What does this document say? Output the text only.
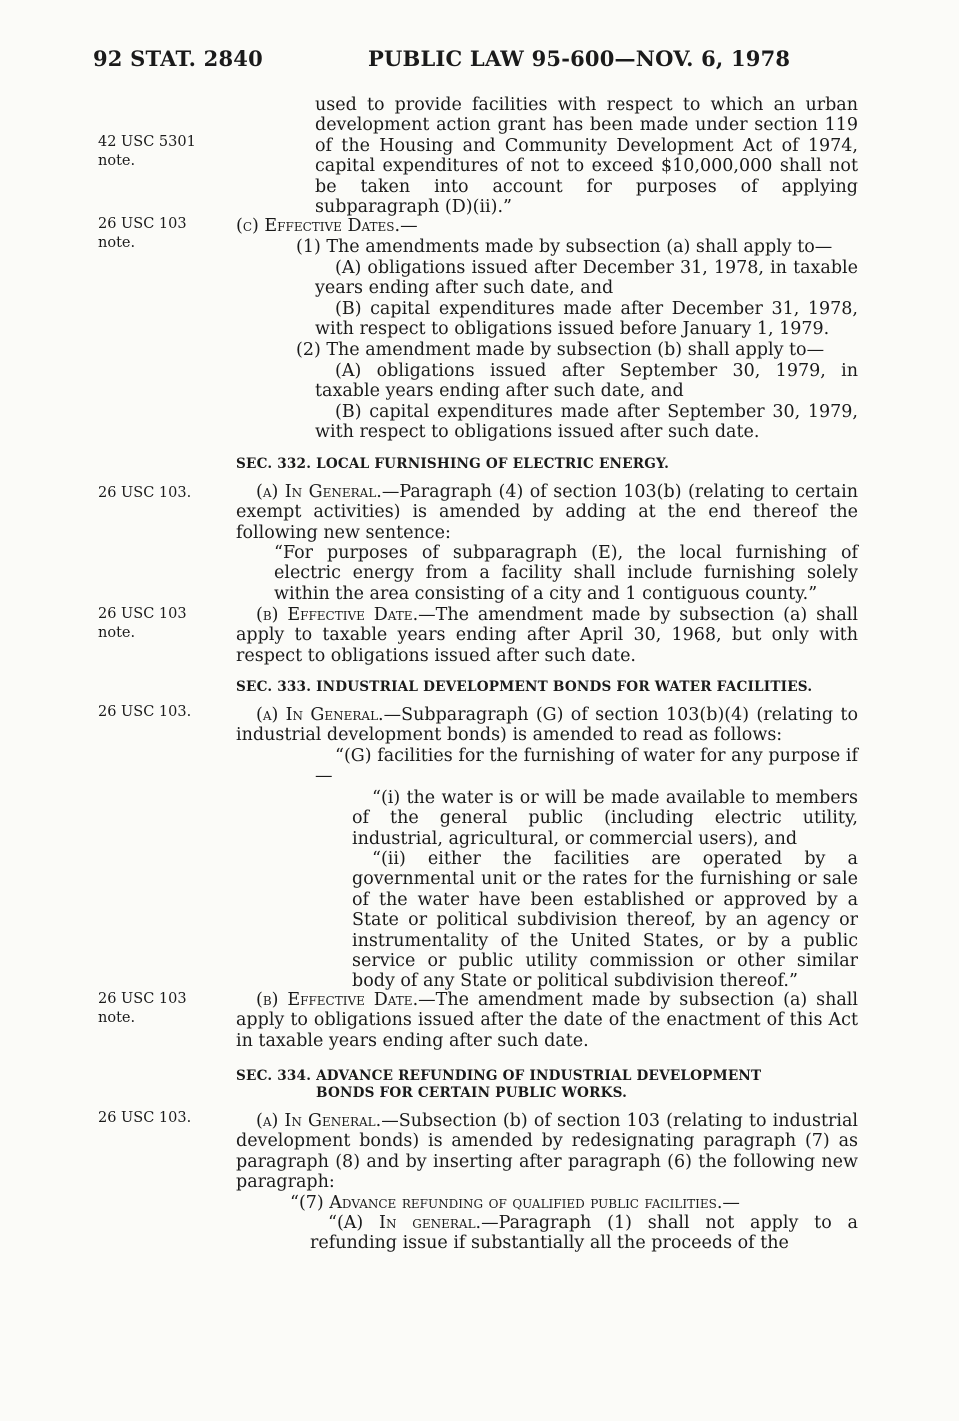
92 STAT. 2840	PUBLIC LAW 95-600—NOV. 6, 1978
42 USC 5301
note.
26 USC 103
note.
26 USC 103.
26 USC 103
note.
26 USC 103.
26 USC 103
note.
26 USC 103.

used to provide facilities with respect to which an urban development action grant has been made under section 119 of the Housing and Community Development Act of 1974, capital expenditures of not to exceed $10,000,000 shall not be taken into account for purposes of applying subparagraph (D)(ii).”

(c) Effective Dates.—

(1) The amendments made by subsection (a) shall apply to—

(A) obligations issued after December 31, 1978, in taxable years ending after such date, and

(B) capital expenditures made after December 31, 1978, with respect to obligations issued before January 1, 1979.

(2) The amendment made by subsection (b) shall apply to—

(A) obligations issued after September 30, 1979, in taxable years ending after such date, and

(B) capital expenditures made after September 30, 1979, with respect to obligations issued after such date.

SEC. 332. LOCAL FURNISHING OF ELECTRIC ENERGY.

(a) In General.—Paragraph (4) of section 103(b) (relating to certain exempt activities) is amended by adding at the end thereof the following new sentence:

“For purposes of subparagraph (E), the local furnishing of electric energy from a facility shall include furnishing solely within the area consisting of a city and 1 contiguous county.”

(b) Effective Date.—The amendment made by subsection (a) shall apply to taxable years ending after April 30, 1968, but only with respect to obligations issued after such date.

SEC. 333. INDUSTRIAL DEVELOPMENT BONDS FOR WATER FACILITIES.

(a) In General.—Subparagraph (G) of section 103(b)(4) (relating to industrial development bonds) is amended to read as follows:

“(G) facilities for the furnishing of water for any purpose if—

“(i) the water is or will be made available to members of the general public (including electric utility, industrial, agricultural, or commercial users), and

“(ii) either the facilities are operated by a governmental unit or the rates for the furnishing or sale of the water have been established or approved by a State or political subdivision thereof, by an agency or instrumentality of the United States, or by a public service or public utility commission or other similar body of any State or political subdivision thereof.”

(b) Effective Date.—The amendment made by subsection (a) shall apply to obligations issued after the date of the enactment of this Act in taxable years ending after such date.

SEC. 334. ADVANCE REFUNDING OF INDUSTRIAL DEVELOPMENT
BONDS FOR CERTAIN PUBLIC WORKS.

(a) In General.—Subsection (b) of section 103 (relating to industrial development bonds) is amended by redesignating paragraph (7) as paragraph (8) and by inserting after paragraph (6) the following new paragraph:

“(7) Advance refunding of qualified public facilities.—

“(A) In general.—Paragraph (1) shall not apply to a refunding issue if substantially all the proceeds of the
